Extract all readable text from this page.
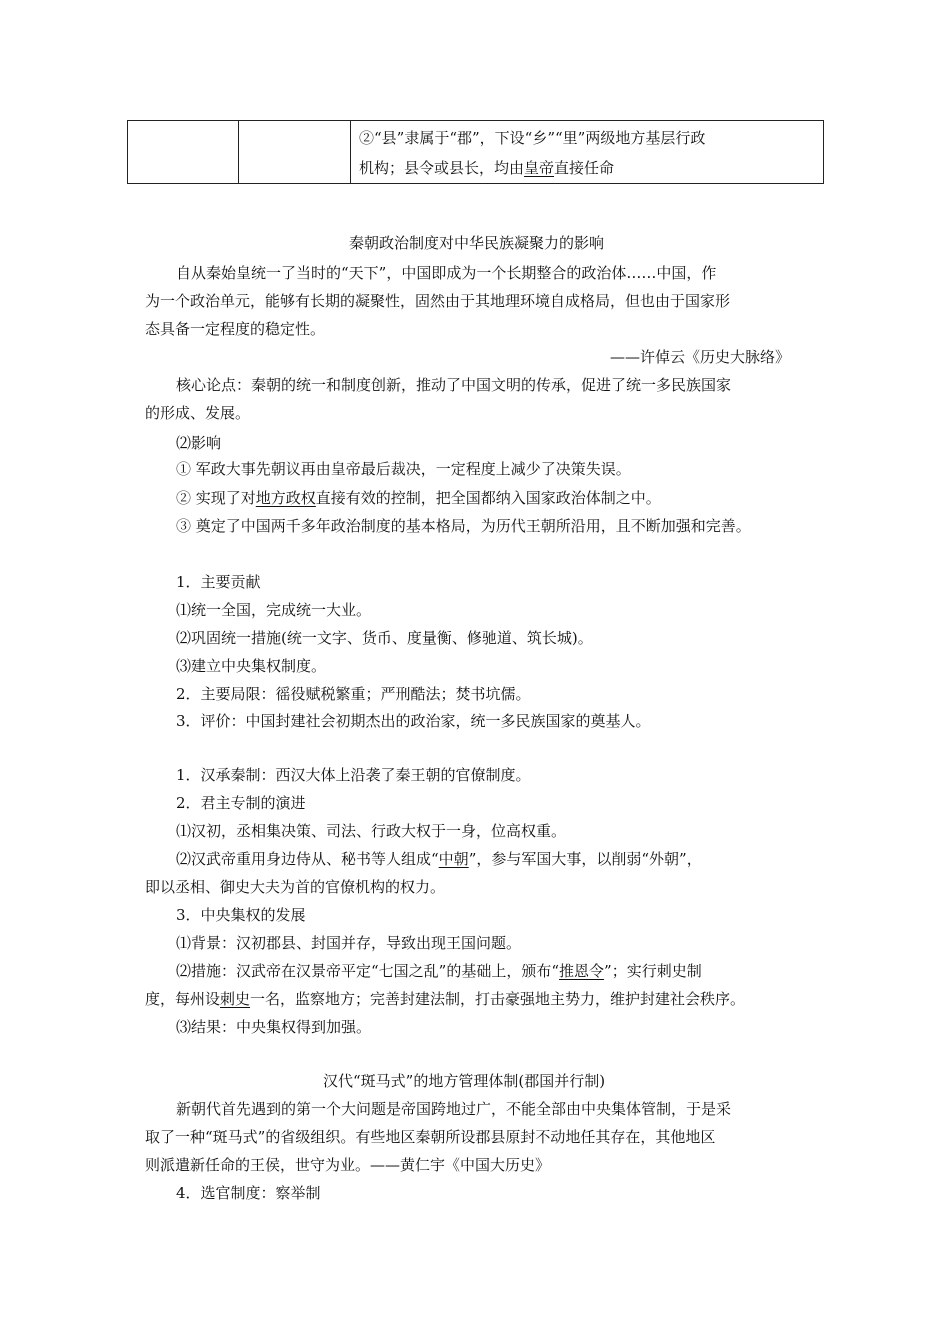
②“县”隶属于“郡”，下设“乡”“里”两级地方基层行政
机构；县令或县长，均由皇帝直接任命
秦朝政治制度对中华民族凝聚力的影响
自从秦始皇统一了当时的“天下”，中国即成为一个长期整合的政治体……中国，作
为一个政治单元，能够有长期的凝聚性，固然由于其地理环境自成格局，但也由于国家形
态具备一定程度的稳定性。
——许倬云《历史大脉络》
核心论点：秦朝的统一和制度创新，推动了中国文明的传承，促进了统一多民族国家
的形成、发展。
⑵影响
① 军政大事先朝议再由皇帝最后裁决，一定程度上减少了决策失误。
② 实现了对地方政权直接有效的控制，把全国都纳入国家政治体制之中。
③ 奠定了中国两千多年政治制度的基本格局，为历代王朝所沿用，且不断加强和完善。
1．主要贡献
⑴统一全国，完成统一大业。
⑵巩固统一措施(统一文字、货币、度量衡、修驰道、筑长城)。
⑶建立中央集权制度。
2．主要局限：徭役赋税繁重；严刑酷法；焚书坑儒。
3．评价：中国封建社会初期杰出的政治家，统一多民族国家的奠基人。
1．汉承秦制：西汉大体上沿袭了秦王朝的官僚制度。
2．君主专制的演进
⑴汉初，丞相集决策、司法、行政大权于一身，位高权重。
⑵汉武帝重用身边侍从、秘书等人组成“中朝”，参与军国大事，以削弱“外朝”，
即以丞相、御史大夫为首的官僚机构的权力。
3．中央集权的发展
⑴背景：汉初郡县、封国并存，导致出现王国问题。
⑵措施：汉武帝在汉景帝平定“七国之乱”的基础上，颁布“推恩令”；实行刺史制
度，每州设刺史一名，监察地方；完善封建法制，打击豪强地主势力，维护封建社会秩序。
⑶结果：中央集权得到加强。
汉代“斑马式”的地方管理体制(郡国并行制)
新朝代首先遇到的第一个大问题是帝国跨地过广，不能全部由中央集体管制，于是采
取了一种“斑马式”的省级组织。有些地区秦朝所设郡县原封不动地任其存在，其他地区
则派遣新任命的王侯，世守为业。——黄仁宇《中国大历史》
4．选官制度：察举制
